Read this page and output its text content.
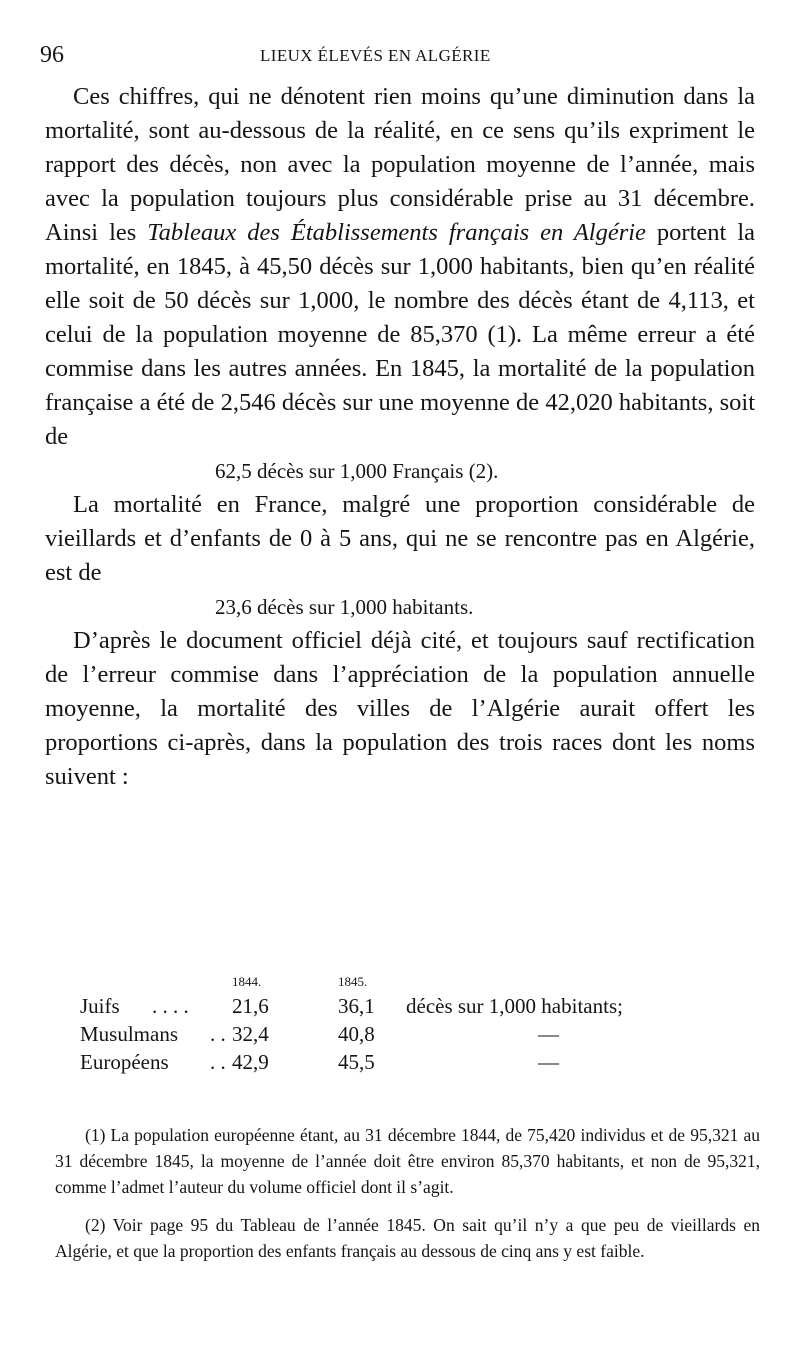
96	LIEUX ÉLEVÉS EN ALGÉRIE

Ces chiffres, qui ne dénotent rien moins qu’une diminution dans la mortalité, sont au-dessous de la réalité, en ce sens qu’ils expriment le rapport des décès, non avec la population moyenne de l’année, mais avec la population toujours plus considérable prise au 31 décembre. Ainsi les Tableaux des Établissements français en Algérie portent la mortalité, en 1845, à 45,50 décès sur 1,000 habitants, bien qu’en réalité elle soit de 50 décès sur 1,000, le nombre des décès étant de 4,113, et celui de la population moyenne de 85,370 (1). La même erreur a été commise dans les autres années. En 1845, la mortalité de la population française a été de 2,546 décès sur une moyenne de 42,020 habitants, soit de

62,5 décès sur 1,000 Français (2).

La mortalité en France, malgré une proportion considérable de vieillards et d’enfants de 0 à 5 ans, qui ne se rencontre pas en Algérie, est de

23,6 décès sur 1,000 habitants.

D’après le document officiel déjà cité, et toujours sauf rectification de l’erreur commise dans l’appréciation de la population annuelle moyenne, la mortalité des villes de l’Algérie aurait offert les proportions ci-après, dans la population des trois races dont les noms suivent :

1844.	1845.
Juifs . . . . 21,6	36,1 décès sur 1,000 habitants;
Musulmans . . 32,4	40,8	—
Européens . . 42,9	45,5	—

(1) La population européenne étant, au 31 décembre 1844, de 75,420 individus et de 95,321 au 31 décembre 1845, la moyenne de l’année doit être environ 85,370 habitants, et non de 95,321, comme l’admet l’auteur du volume officiel dont il s’agit.

(2) Voir page 95 du Tableau de l’année 1845. On sait qu’il n’y a que peu de vieillards en Algérie, et que la proportion des enfants français au dessous de cinq ans y est faible.
